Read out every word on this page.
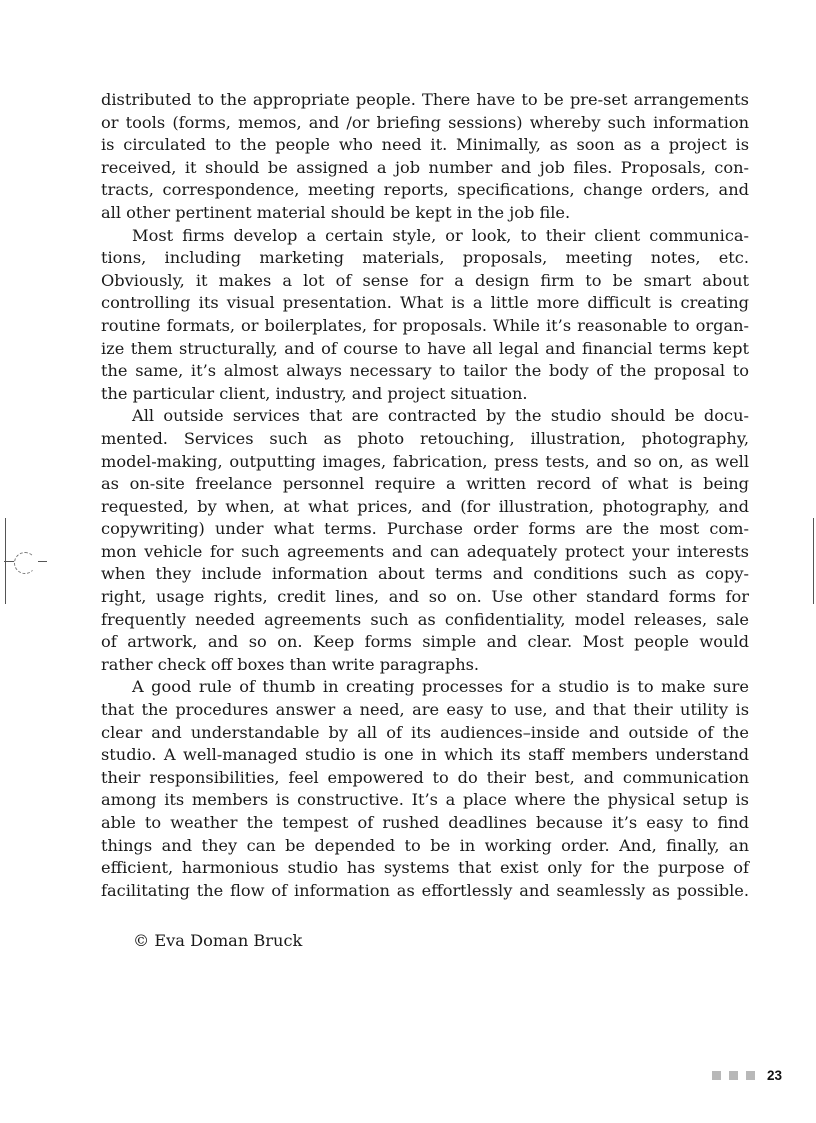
distributed to the appropriate people. There have to be pre-set arrangements
or tools (forms, memos, and /or briefing sessions) whereby such information
is circulated to the people who need it. Minimally, as soon as a project is
received, it should be assigned a job number and job files. Proposals, con-
tracts, correspondence, meeting reports, specifications, change orders, and
all other pertinent material should be kept in the job file.
Most firms develop a certain style, or look, to their client communica-
tions, including marketing materials, proposals, meeting notes, etc.
Obviously, it makes a lot of sense for a design firm to be smart about
controlling its visual presentation. What is a little more difficult is creating
routine formats, or boilerplates, for proposals. While it’s reasonable to organ-
ize them structurally, and of course to have all legal and financial terms kept
the same, it’s almost always necessary to tailor the body of the proposal to
the particular client, industry, and project situation.
All outside services that are contracted by the studio should be docu-
mented. Services such as photo retouching, illustration, photography,
model-making, outputting images, fabrication, press tests, and so on, as well
as on-site freelance personnel require a written record of what is being
requested, by when, at what prices, and (for illustration, photography, and
copywriting) under what terms. Purchase order forms are the most com-
mon vehicle for such agreements and can adequately protect your interests
when they include information about terms and conditions such as copy-
right, usage rights, credit lines, and so on. Use other standard forms for
frequently needed agreements such as confidentiality, model releases, sale
of artwork, and so on. Keep forms simple and clear. Most people would
rather check off boxes than write paragraphs.
A good rule of thumb in creating processes for a studio is to make sure
that the procedures answer a need, are easy to use, and that their utility is
clear and understandable by all of its audiences–inside and outside of the
studio. A well-managed studio is one in which its staff members understand
their responsibilities, feel empowered to do their best, and communication
among its members is constructive. It’s a place where the physical setup is
able to weather the tempest of rushed deadlines because it’s easy to find
things and they can be depended to be in working order. And, finally, an
efficient, harmonious studio has systems that exist only for the purpose of
facilitating the flow of information as effortlessly and seamlessly as possible.
© Eva Doman Bruck
23
